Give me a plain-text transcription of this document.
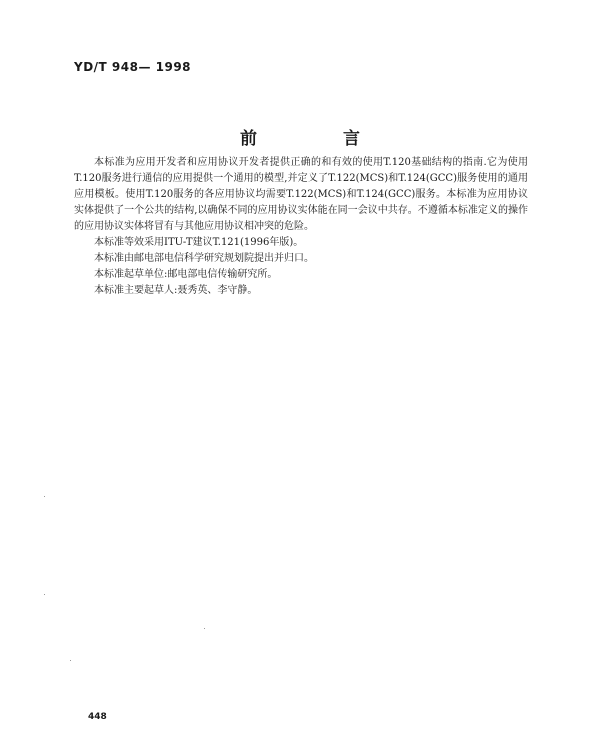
YD/T 948— 1998
前 言

本标准为应用开发者和应用协议开发者提供正确的和有效的使用T.120基础结构的指南.它为使用T.120服务进行通信的应用提供一个通用的模型,并定义了T.122(MCS)和T.124(GCC)服务使用的通用应用模板。使用T.120服务的各应用协议均需要T.122(MCS)和T.124(GCC)服务。本标准为应用协议实体提供了一个公共的结构,以确保不同的应用协议实体能在同一会议中共存。不遵循本标准定义的操作的应用协议实体将冒有与其他应用协议相冲突的危险。

本标准等效采用ITU-T建议T.121(1996年版)。

本标准由邮电部电信科学研究规划院提出并归口。

本标准起草单位:邮电部电信传输研究所。

本标准主要起草人:聂秀英、李守静。

448
